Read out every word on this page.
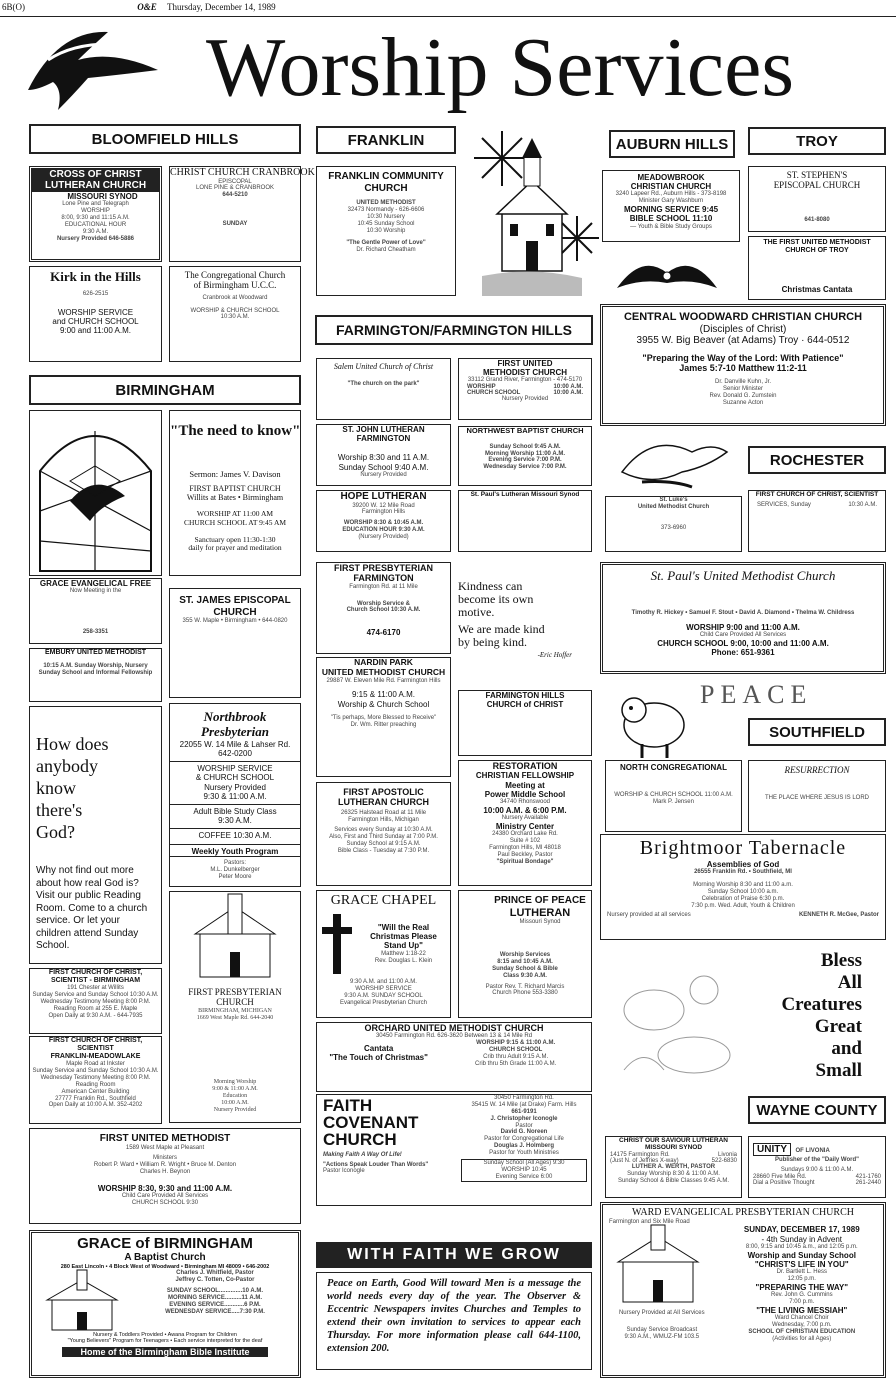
6B(O)	O&E Thursday, December 14, 1989
Worship Services
BLOOMFIELD HILLS	FRANKLIN	AUBURN HILLS	TROY
FARMINGTON/FARMINGTON HILLS
BIRMINGHAM
ROCHESTER
SOUTHFIELD
WAYNE COUNTY
CROSS OF CHRIST LUTHERAN CHURCH
MISSOURI SYNOD
Lone Pine and Telegraph
WORSHIP
8:00, 9:30 and 11:15 A.M.
EDUCATIONAL HOUR
9:30 A.M.
Nursery Provided 646-5886
CHRIST CHURCH CRANBROOK
EPISCOPAL
LONE PINE & CRANBROOK
644-5210
SUNDAY
Kirk in the Hills
626-2515
WORSHIP SERVICE
and CHURCH SCHOOL
9:00 and 11:00 A.M.
The Congregational Church
of Birmingham U.C.C.
Cranbrook at Woodward
WORSHIP & CHURCH SCHOOL
10:30 A.M.
FRANKLIN COMMUNITY
CHURCH
UNITED METHODIST
32473 Normandy - 626-6606
10:30 Nursery
10:45 Sunday School
10:30 Worship
"The Gentle Power of Love"
Dr. Richard Cheatham
MEADOWBROOK
CHRISTIAN CHURCH
3240 Lapeer Rd., Auburn Hills - 373-8198
Minister Gary Washburn
MORNING SERVICE 9:45
BIBLE SCHOOL 11:10
— Youth & Bible Study Groups
ST. STEPHEN'S
EPISCOPAL CHURCH
641-8080
THE FIRST UNITED METHODIST
CHURCH OF TROY
Christmas Cantata
CENTRAL WOODWARD CHRISTIAN CHURCH
(Disciples of Christ)
3955 W. Big Beaver (at Adams) Troy · 644-0512
"Preparing the Way of the Lord: With Patience"
James 5:7-10 Matthew 11:2-11
Dr. Danville Kuhn, Jr.
Senior Minister
Rev. Donald G. Zumstein
Suzanne Acton
Salem United Church of Christ
"The church on the park"
FIRST UNITED
METHODIST CHURCH
33112 Grand River, Farmington - 474-5170
WORSHIP	10:00 A.M.
CHURCH SCHOOL	10:00 A.M.
Nursery Provided
ST. JOHN LUTHERAN
FARMINGTON
Worship 8:30 and 11 A.M.
Sunday School 9:40 A.M.
Nursery Provided
NORTHWEST BAPTIST CHURCH
Sunday School 9:45 A.M.
Morning Worship 11:00 A.M.
Evening Service 7:00 P.M.
Wednesday Service 7:00 P.M.
HOPE LUTHERAN
39200 W. 12 Mile Road
Farmington Hills
WORSHIP 8:30 & 10:45 A.M.
EDUCATION HOUR 9:30 A.M.
(Nursery Provided)
St. Paul's Lutheran Missouri Synod
St. Luke's
United Methodist Church
373-6960
FIRST CHURCH OF CHRIST, SCIENTIST
SERVICES, Sunday	10:30 A.M.
"The need to know"
Sermon: James V. Davison
FIRST BAPTIST CHURCH
Willits at Bates • Birmingham
WORSHIP AT 11:00 AM
CHURCH SCHOOL AT 9:45 AM
Sanctuary open 11:30-1:30
daily for prayer and meditation
GRACE EVANGELICAL FREE
Now Meeting in the
258-3351
ST. JAMES EPISCOPAL
CHURCH
355 W. Maple • Birmingham • 644-0820
EMBURY UNITED METHODIST
10:15 A.M. Sunday Worship, Nursery
Sunday School and Informal Fellowship
How does
anybody
know
there's
God?
Why not find out more about how real God is? Visit our public Reading Room. Come to a church service. Or let your children attend Sunday School.
Northbrook
Presbyterian
22055 W. 14 Mile & Lahser Rd.
642-0200
WORSHIP SERVICE
& CHURCH SCHOOL
Nursery Provided
9:30 & 11:00 A.M.
Adult Bible Study Class
9:30 A.M.
COFFEE 10:30 A.M.
Weekly Youth Program
Pastors:
M.L. Dunkelberger
Peter Moore
FIRST PRESBYTERIAN
CHURCH
BIRMINGHAM, MICHIGAN
1669 West Maple Rd. 644-2040
Morning Worship
9:00 & 11:00 A.M.
Education
10:00 A.M.
Nursery Provided
FIRST CHURCH OF CHRIST,
SCIENTIST - BIRMINGHAM
191 Chester at Willits
Sunday Service and Sunday School 10:30 A.M.
Wednesday Testimony Meeting 8:00 P.M.
Reading Room at 255 E. Maple
Open Daily at 9:30 A.M. - 644-7935
FIRST CHURCH OF CHRIST,
SCIENTIST
FRANKLIN-MEADOWLAKE
Maple Road at Inkster
Sunday Service and Sunday School 10:30 A.M.
Wednesday Testimony Meeting 8:00 P.M.
Reading Room
American Center Building
27777 Franklin Rd., Southfield
Open Daily at 10:00 A.M. 352-4202
FIRST PRESBYTERIAN
FARMINGTON
Farmington Rd. at 11 Mile
Worship Service &
Church School 10:30 A.M.
474-6170
Kindness can
become its own
motive.
We are made kind
by being kind.
-Eric Hoffer
St. Paul's United Methodist Church
Timothy R. Hickey • Samuel F. Stout • David A. Diamond • Thelma W. Childress
WORSHIP 9:00 and 11:00 A.M.
Child Care Provided All Services
CHURCH SCHOOL 9:00, 10:00 and 11:00 A.M.
Phone: 651-9361
NARDIN PARK
UNITED METHODIST CHURCH
29887 W. Eleven Mile Rd. Farmington Hills
9:15 & 11:00 A.M.
Worship & Church School
"Tis perhaps, More Blessed to Receive"
Dr. Wm. Ritter preaching
FARMINGTON HILLS
CHURCH of CHRIST	PEACE
FIRST APOSTOLIC
LUTHERAN CHURCH
26325 Halstead Road at 11 Mile
Farmington Hills, Michigan
Services every Sunday at 10:30 A.M.
Also, First and Third Sunday at 7:00 P.M.
Sunday School at 9:15 A.M.
Bible Class - Tuesday at 7:30 P.M.
RESTORATION
CHRISTIAN FELLOWSHIP
Meeting at
Power Middle School
34740 Rhonswood
10:00 A.M. & 6:00 P.M.
Nursery Available
Ministry Center
24380 Orchard Lake Rd.
Suite # 102
Farmington Hills, MI 48018
Paul Beckley, Pastor
"Spiritual Bondage"
NORTH CONGREGATIONAL
WORSHIP & CHURCH SCHOOL 11:00 A.M.
Mark P. Jensen
RESURRECTION
THE PLACE WHERE JESUS IS LORD
Brightmoor Tabernacle
Assemblies of God
26555 Franklin Rd. • Southfield, MI
Morning Worship 8:30 and 11:00 a.m.
Sunday School 10:00 a.m.
Celebration of Praise 6:30 p.m.
7:30 p.m. Wed. Adult, Youth & Children
Nursery provided at all services	KENNETH R. McGee, Pastor
GRACE CHAPEL
"Will the Real
Christmas Please
Stand Up"
Matthew 1:18-22
Rev. Douglas L. Klein
9:30 A.M. and 11:00 A.M.
WORSHIP SERVICE
9:30 A.M. SUNDAY SCHOOL
Evangelical Presbyterian Church
PRINCE OF PEACE
LUTHERAN
Missouri Synod
Worship Services
8:15 and 10:45 A.M.
Sunday School & Bible
Class 9:30 A.M.
Pastor Rev. T. Richard Marcis
Church Phone 553-3380
Bless
All
Creatures
Great
and
Small
ORCHARD UNITED METHODIST CHURCH
30450 Farmington Rd. 626-3620 Between 13 & 14 Mile Rd
Cantata
"The Touch of Christmas"
WORSHIP 9:15 & 11:00 A.M.
CHURCH SCHOOL
Crib thru Adult 9:15 A.M.
Crib thru 5th Grade 11:00 A.M.
FIRST UNITED METHODIST
1589 West Maple at Pleasant
Ministers
Robert P. Ward • William R. Wright • Bruce M. Denton
Charles H. Beynon
WORSHIP 8:30, 9:30 and 11:00 A.M.
Child Care Provided All Services
CHURCH SCHOOL 9:30
FAITH
COVENANT
CHURCH
Making Faith A Way Of Life!
"Actions Speak Louder Than Words"
Pastor Iconogle
30450 Farmington Rd.
35415 W. 14 Mile (at Drake) Farm. Hills
661-9191
J. Christopher Iconogle
Pastor
David G. Noreen
Pastor for Congregational Life
Douglas J. Holmberg
Pastor for Youth Ministries
Sunday School (All Ages) 9:30
WORSHIP 10:45
Evening Service 6:00
CHRIST OUR SAVIOUR LUTHERAN
MISSOURI SYNOD
14175 Farmington Rd.	Livonia
(Just N. of Jeffries X-way)	522-6830
LUTHER A. WERTH, PASTOR
Sunday Worship 8:30 & 11:00 A.M.
Sunday School & Bible Classes 9:45 A.M.
UNITY OF LIVONIA
Publisher of the "Daily Word"
Sundays 9:00 & 11:00 A.M.
28660 Five Mile Rd.	421-1760
Dial a Positive Thought	261-2440
GRACE of BIRMINGHAM
A Baptist Church
280 East Lincoln • 4 Block West of Woodward • Birmingham MI 48009 • 646-2002
Charles J. Whitfield, Pastor
Jeffrey C. Totten, Co-Pastor
SUNDAY SCHOOL..............10 A.M.
MORNING SERVICE..........11 A.M.
EVENING SERVICE............6 P.M.
WEDNESDAY SERVICE.....7:30 P.M.
Nursery & Toddlers Provided • Awana Program for Children
"Young Believers" Program for Teenagers • Each service interpreted for the deaf
Home of the Birmingham Bible Institute
WITH FAITH WE GROW
Peace on Earth, Good Will toward Men is a message the world needs every day of the year. The Observer & Eccentric Newspapers invites Churches and Temples to extend their own invitation to services to appear each Thursday. For more information please call 644-1100, extension 200.
WARD EVANGELICAL PRESBYTERIAN CHURCH
Farmington and Six Mile Road
Nursery Provided at All Services
Sunday Service Broadcast
9:30 A.M., WMUZ-FM 103.5
SUNDAY, DECEMBER 17, 1989
- 4th Sunday in Advent
8:00, 9:15 and 10:45 a.m., and 12:05 p.m.
Worship and Sunday School
"CHRIST'S LIFE IN YOU"
Dr. Bartlett L. Hess
12:05 p.m.
"PREPARING THE WAY"
Rev. John G. Cummins
7:00 p.m.
"THE LIVING MESSIAH"
Ward Chancel Choir
Wednesday, 7:00 p.m.
SCHOOL OF CHRISTIAN EDUCATION
(Activities for all Ages)
